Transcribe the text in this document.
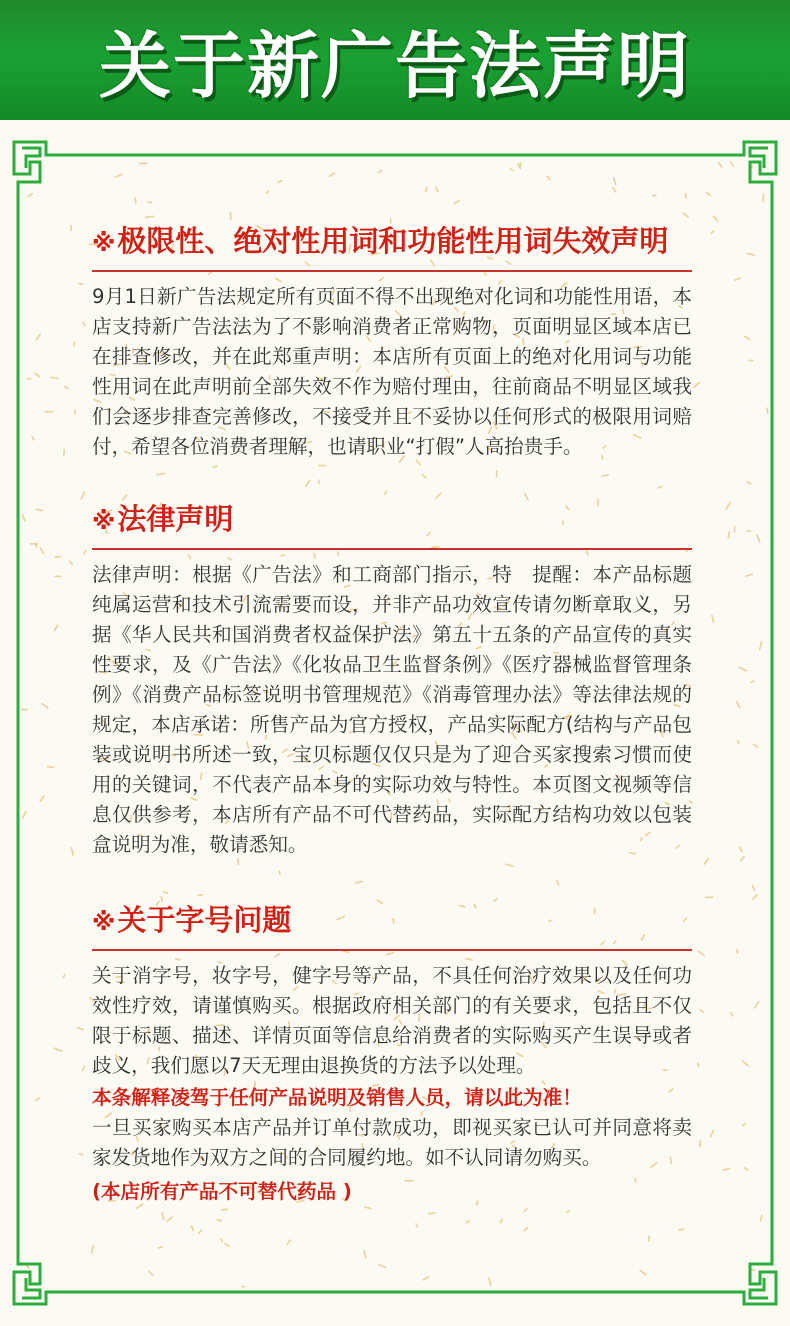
关于新广告法声明
※极限性、绝对性用词和功能性用词失效声明
9月1日新广告法规定所有页面不得不出现绝对化词和功能性用语，本店支持新广告法法为了不影响消费者正常购物，页面明显区域本店已在排查修改，并在此郑重声明：本店所有页面上的绝对化用词与功能性用词在此声明前全部失效不作为赔付理由，往前商品不明显区域我们会逐步排查完善修改，不接受并且不妥协以任何形式的极限用词赔付，希望各位消费者理解，也请职业“打假”人高抬贵手。
※法律声明
法律声明：根据《广告法》和工商部门指示，特　提醒：本产品标题纯属运营和技术引流需要而设，并非产品功效宣传请勿断章取义，另据《华人民共和国消费者权益保护法》第五十五条的产品宣传的真实性要求，及《广告法》《化妆品卫生监督条例》《医疗器械监督管理条例》《消费产品标签说明书管理规范》《消毒管理办法》等法律法规的规定，本店承诺：所售产品为官方授权，产品实际配方(结构与产品包装或说明书所述一致，宝贝标题仅仅只是为了迎合买家搜索习惯而使用的关键词，不代表产品本身的实际功效与特性。本页图文视频等信息仅供参考，本店所有产品不可代替药品，实际配方结构功效以包装盒说明为准，敬请悉知。
※关于字号问题
关于消字号，妆字号，健字号等产品，不具任何治疗效果以及任何功效性疗效，请谨慎购买。根据政府相关部门的有关要求，包括且不仅限于标题、描述、详情页面等信息给消费者的实际购买产生误导或者歧义，我们愿以7天无理由退换货的方法予以处理。
本条解释凌驾于任何产品说明及销售人员，请以此为准！
一旦买家购买本店产品并订单付款成功，即视买家已认可并同意将卖家发货地作为双方之间的合同履约地。如不认同请勿购买。
(本店所有产品不可替代药品 )
